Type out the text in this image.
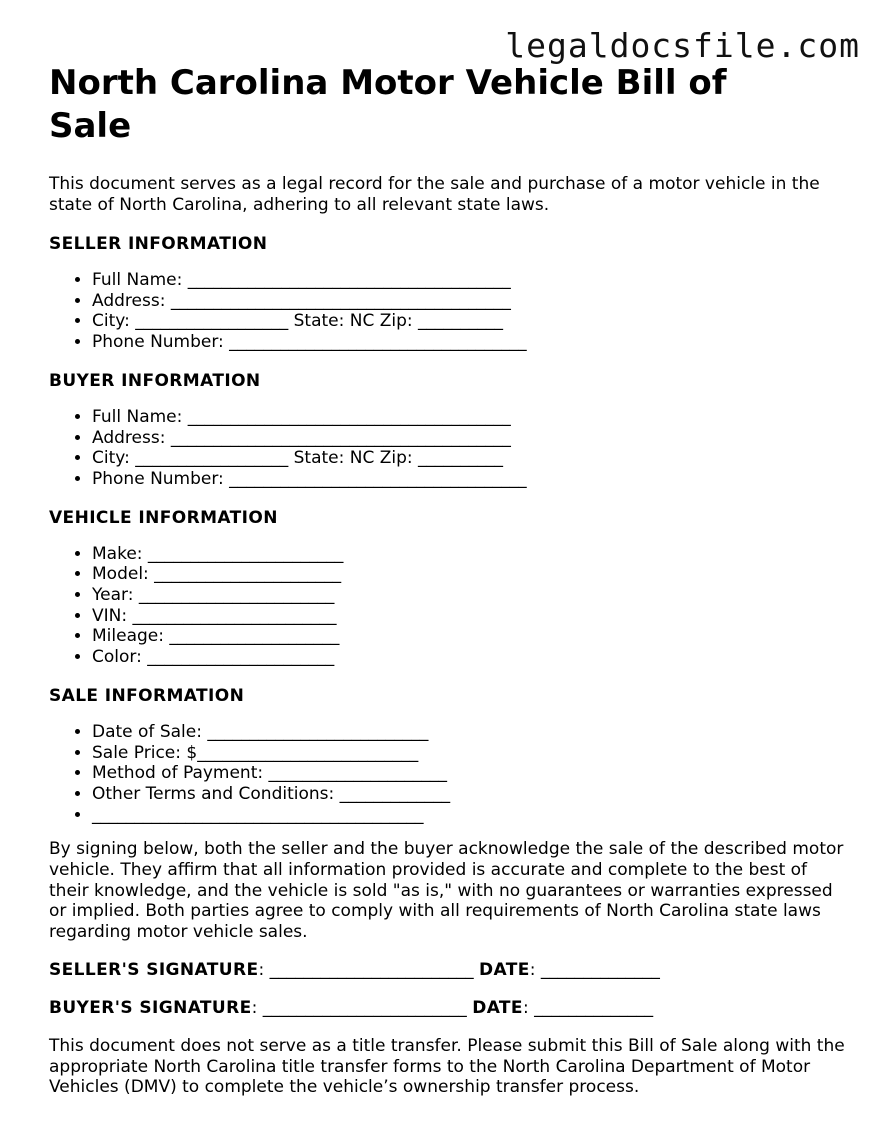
legaldocsfile.com
North Carolina Motor Vehicle Bill of Sale

This document serves as a legal record for the sale and purchase of a motor vehicle in the state of North Carolina, adhering to all relevant state laws.

SELLER INFORMATION
• Full Name: ______________________________________
• Address: ________________________________________
• City: __________________ State: NC Zip: __________
• Phone Number: ___________________________________
BUYER INFORMATION
• Full Name: ______________________________________
• Address: ________________________________________
• City: __________________ State: NC Zip: __________
• Phone Number: ___________________________________
VEHICLE INFORMATION
• Make: _______________________
• Model: ______________________
• Year: _______________________
• VIN: ________________________
• Mileage: ____________________
• Color: ______________________
SALE INFORMATION
• Date of Sale: __________________________
• Sale Price: $__________________________
• Method of Payment: _____________________
• Other Terms and Conditions: _____________
• _______________________________________

By signing below, both the seller and the buyer acknowledge the sale of the described motor vehicle. They affirm that all information provided is accurate and complete to the best of their knowledge, and the vehicle is sold "as is," with no guarantees or warranties expressed or implied. Both parties agree to comply with all requirements of North Carolina state laws regarding motor vehicle sales.

SELLER'S SIGNATURE: ________________________ DATE: ______________

BUYER'S SIGNATURE: ________________________ DATE: ______________

This document does not serve as a title transfer. Please submit this Bill of Sale along with the appropriate North Carolina title transfer forms to the North Carolina Department of Motor Vehicles (DMV) to complete the vehicle’s ownership transfer process.
